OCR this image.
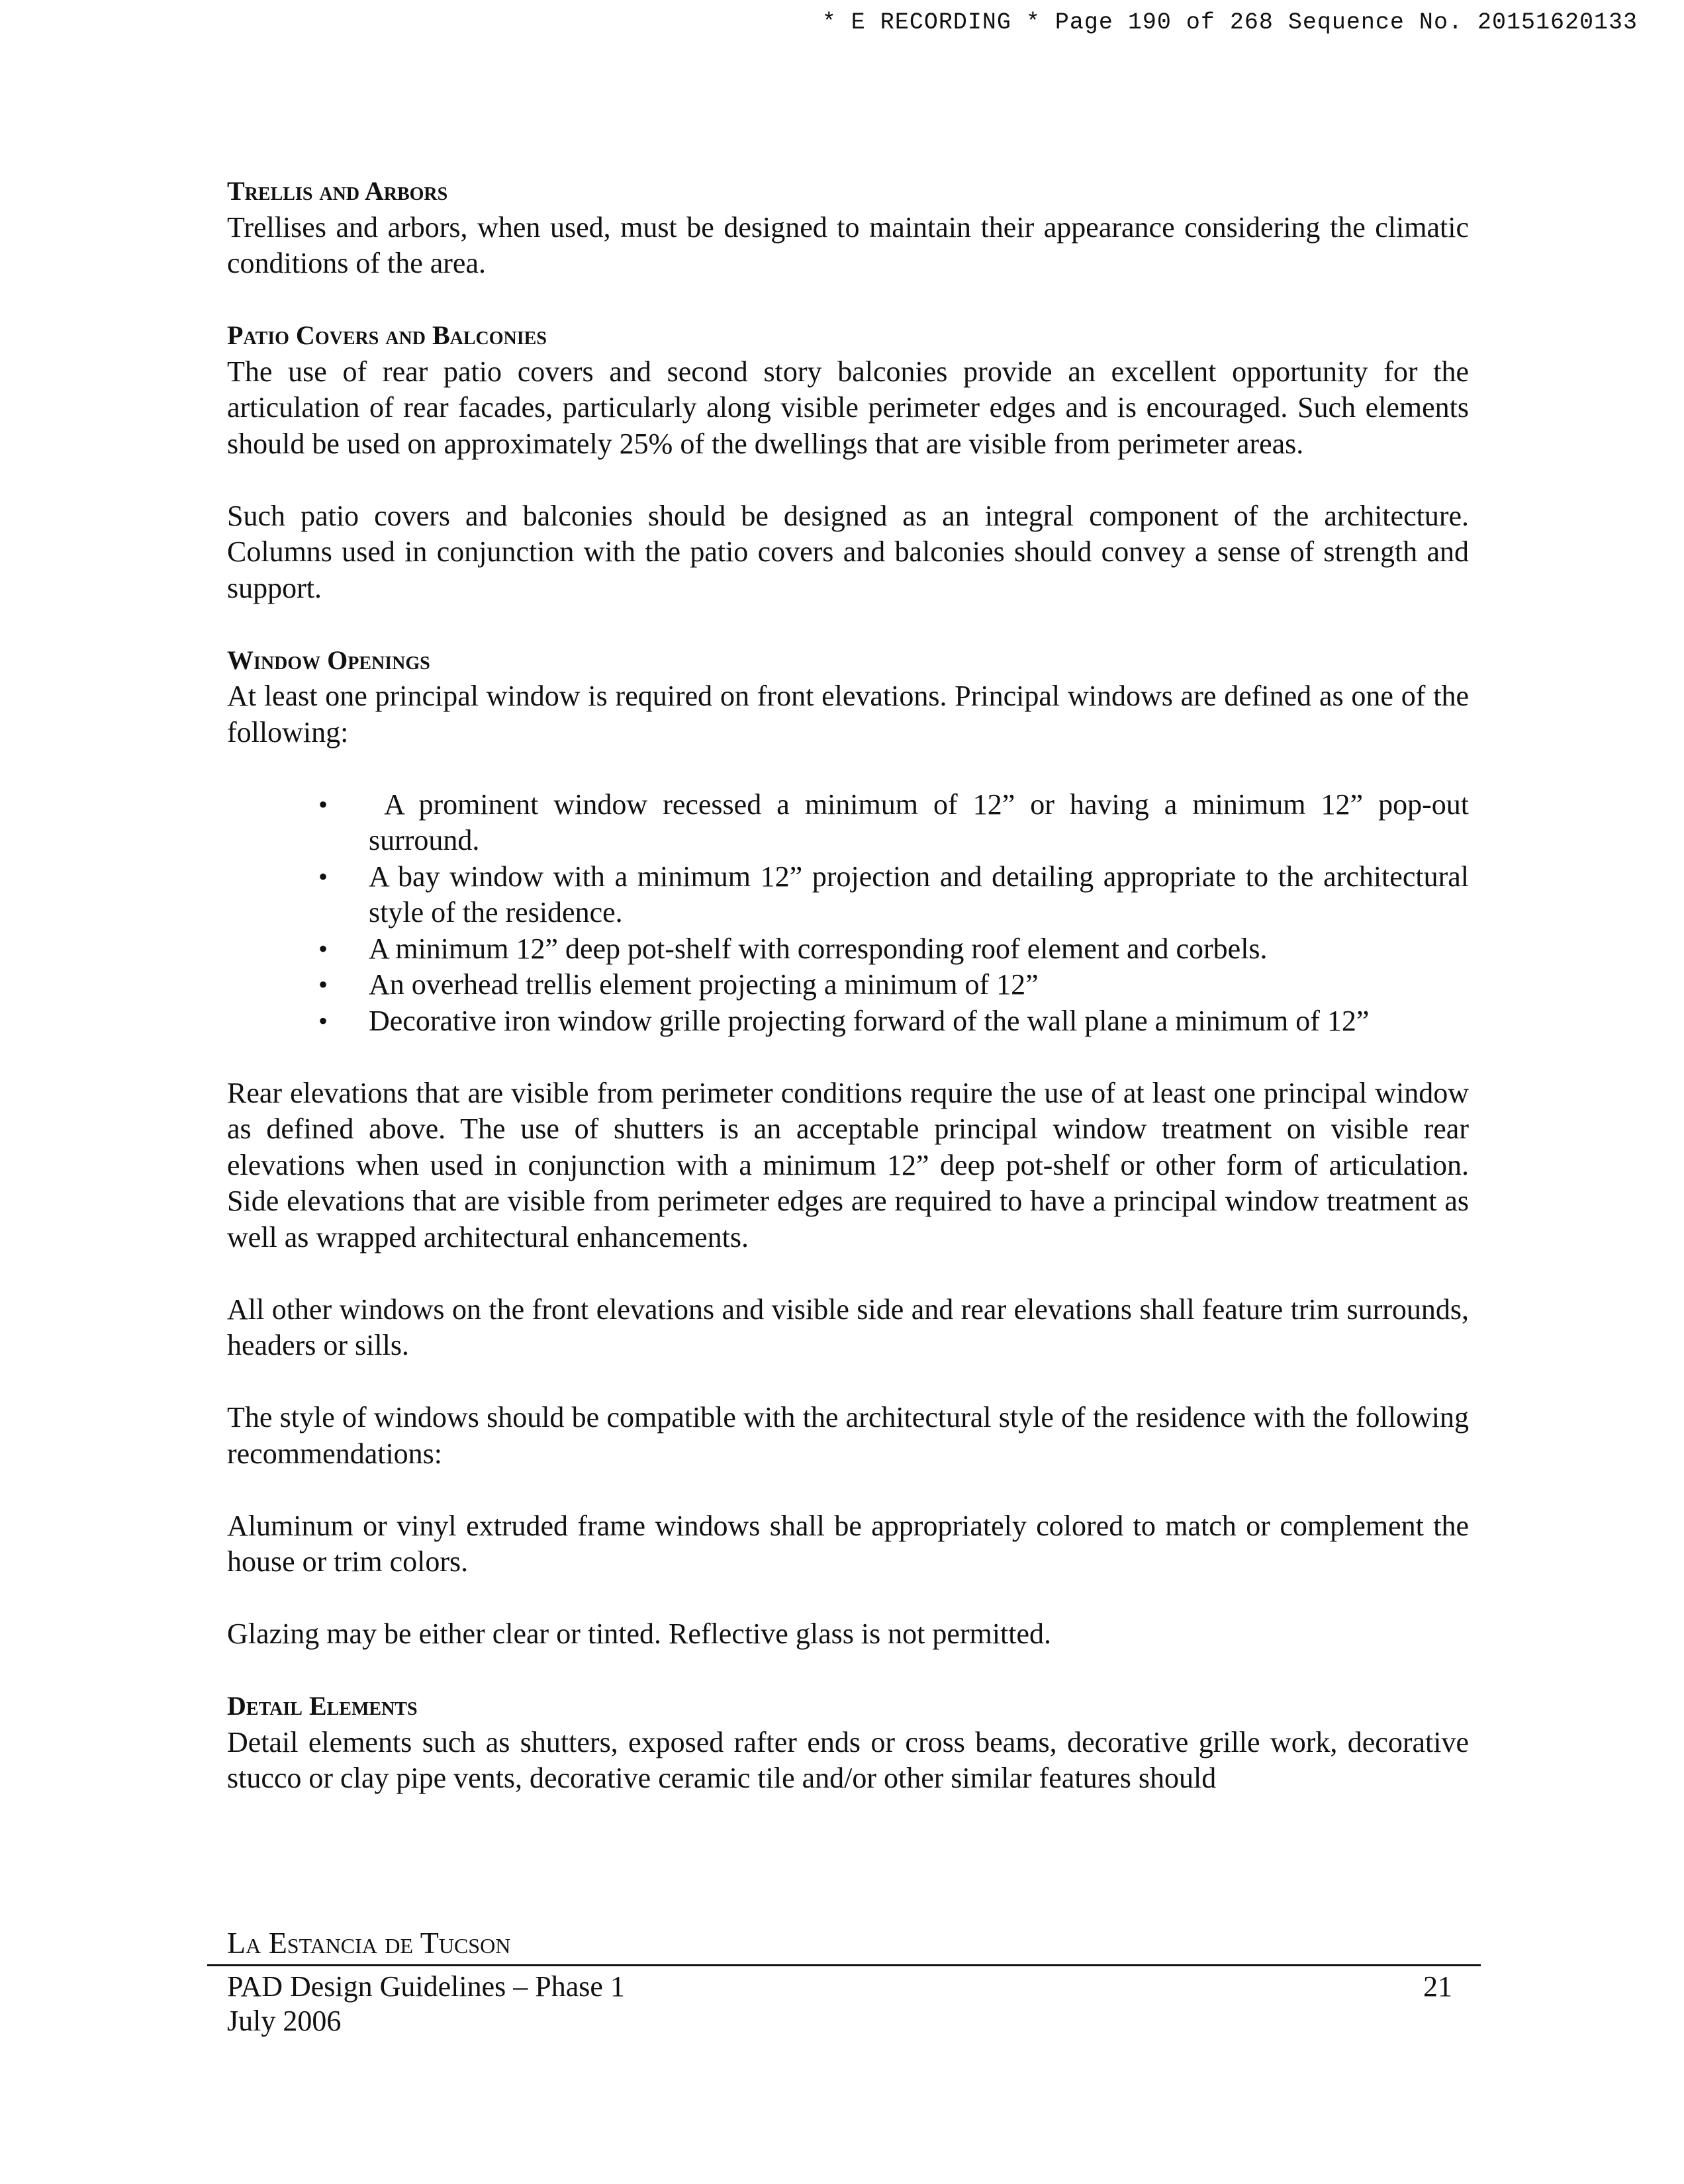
* E RECORDING * Page 190 of 268 Sequence No. 20151620133
Trellis and Arbors

Trellises and arbors, when used, must be designed to maintain their appearance considering the climatic conditions of the area.

Patio Covers and Balconies

The use of rear patio covers and second story balconies provide an excellent opportunity for the articulation of rear facades, particularly along visible perimeter edges and is encouraged. Such elements should be used on approximately 25% of the dwellings that are visible from perimeter areas.

Such patio covers and balconies should be designed as an integral component of the architecture. Columns used in conjunction with the patio covers and balconies should convey a sense of strength and support.

Window Openings

At least one principal window is required on front elevations. Principal windows are defined as one of the following:

• A prominent window recessed a minimum of 12” or having a minimum 12” pop-out surround.
• A bay window with a minimum 12” projection and detailing appropriate to the architectural style of the residence.
• A minimum 12” deep pot-shelf with corresponding roof element and corbels.
• An overhead trellis element projecting a minimum of 12”
• Decorative iron window grille projecting forward of the wall plane a minimum of 12”

Rear elevations that are visible from perimeter conditions require the use of at least one principal window as defined above. The use of shutters is an acceptable principal window treatment on visible rear elevations when used in conjunction with a minimum 12” deep pot-shelf or other form of articulation. Side elevations that are visible from perimeter edges are required to have a principal window treatment as well as wrapped architectural enhancements.

All other windows on the front elevations and visible side and rear elevations shall feature trim surrounds, headers or sills.

The style of windows should be compatible with the architectural style of the residence with the following recommendations:

Aluminum or vinyl extruded frame windows shall be appropriately colored to match or complement the house or trim colors.

Glazing may be either clear or tinted. Reflective glass is not permitted.

Detail Elements

Detail elements such as shutters, exposed rafter ends or cross beams, decorative grille work, decorative stucco or clay pipe vents, decorative ceramic tile and/or other similar features should

La Estancia de Tucson
PAD Design Guidelines – Phase 1	21
July 2006
